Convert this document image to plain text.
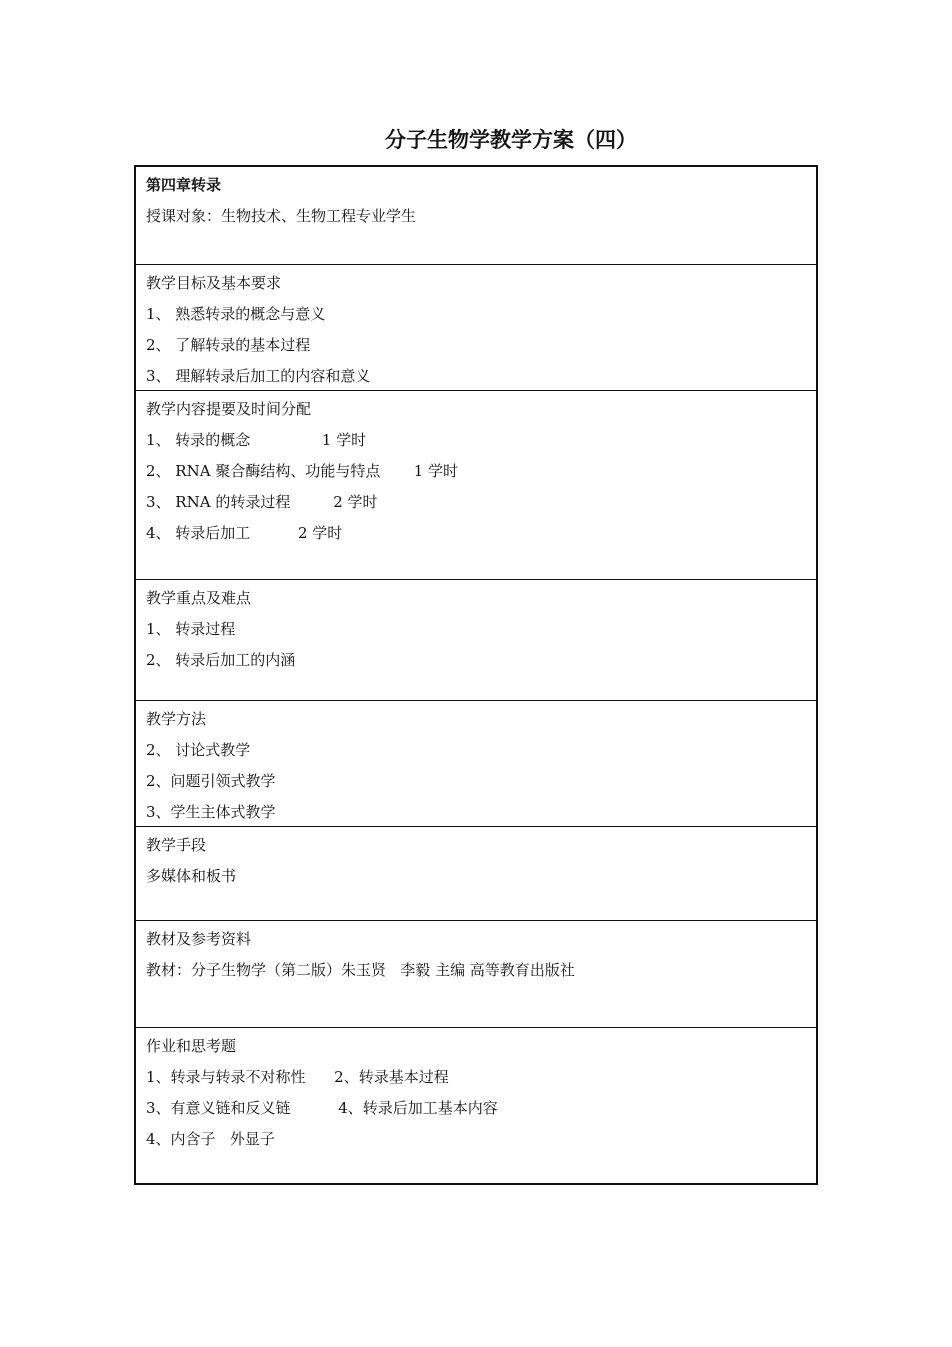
分子生物学教学方案（四）
第四章转录
授课对象：生物技术、生物工程专业学生
教学目标及基本要求
1、 熟悉转录的概念与意义
2、 了解转录的基本过程
3、 理解转录后加工的内容和意义
教学内容提要及时间分配
1、 转录的概念               1 学时
2、 RNA 聚合酶结构、功能与特点       1 学时
3、 RNA 的转录过程         2 学时
4、 转录后加工          2 学时
教学重点及难点
1、 转录过程
2、 转录后加工的内涵
教学方法
2、 讨论式教学
2、问题引领式教学
3、学生主体式教学
教学手段
多媒体和板书
教材及参考资料
教材：分子生物学（第二版）朱玉贤   李毅 主编 高等教育出版社
作业和思考题
1、转录与转录不对称性      2、转录基本过程
3、有意义链和反义链          4、转录后加工基本内容
4、内含子   外显子
